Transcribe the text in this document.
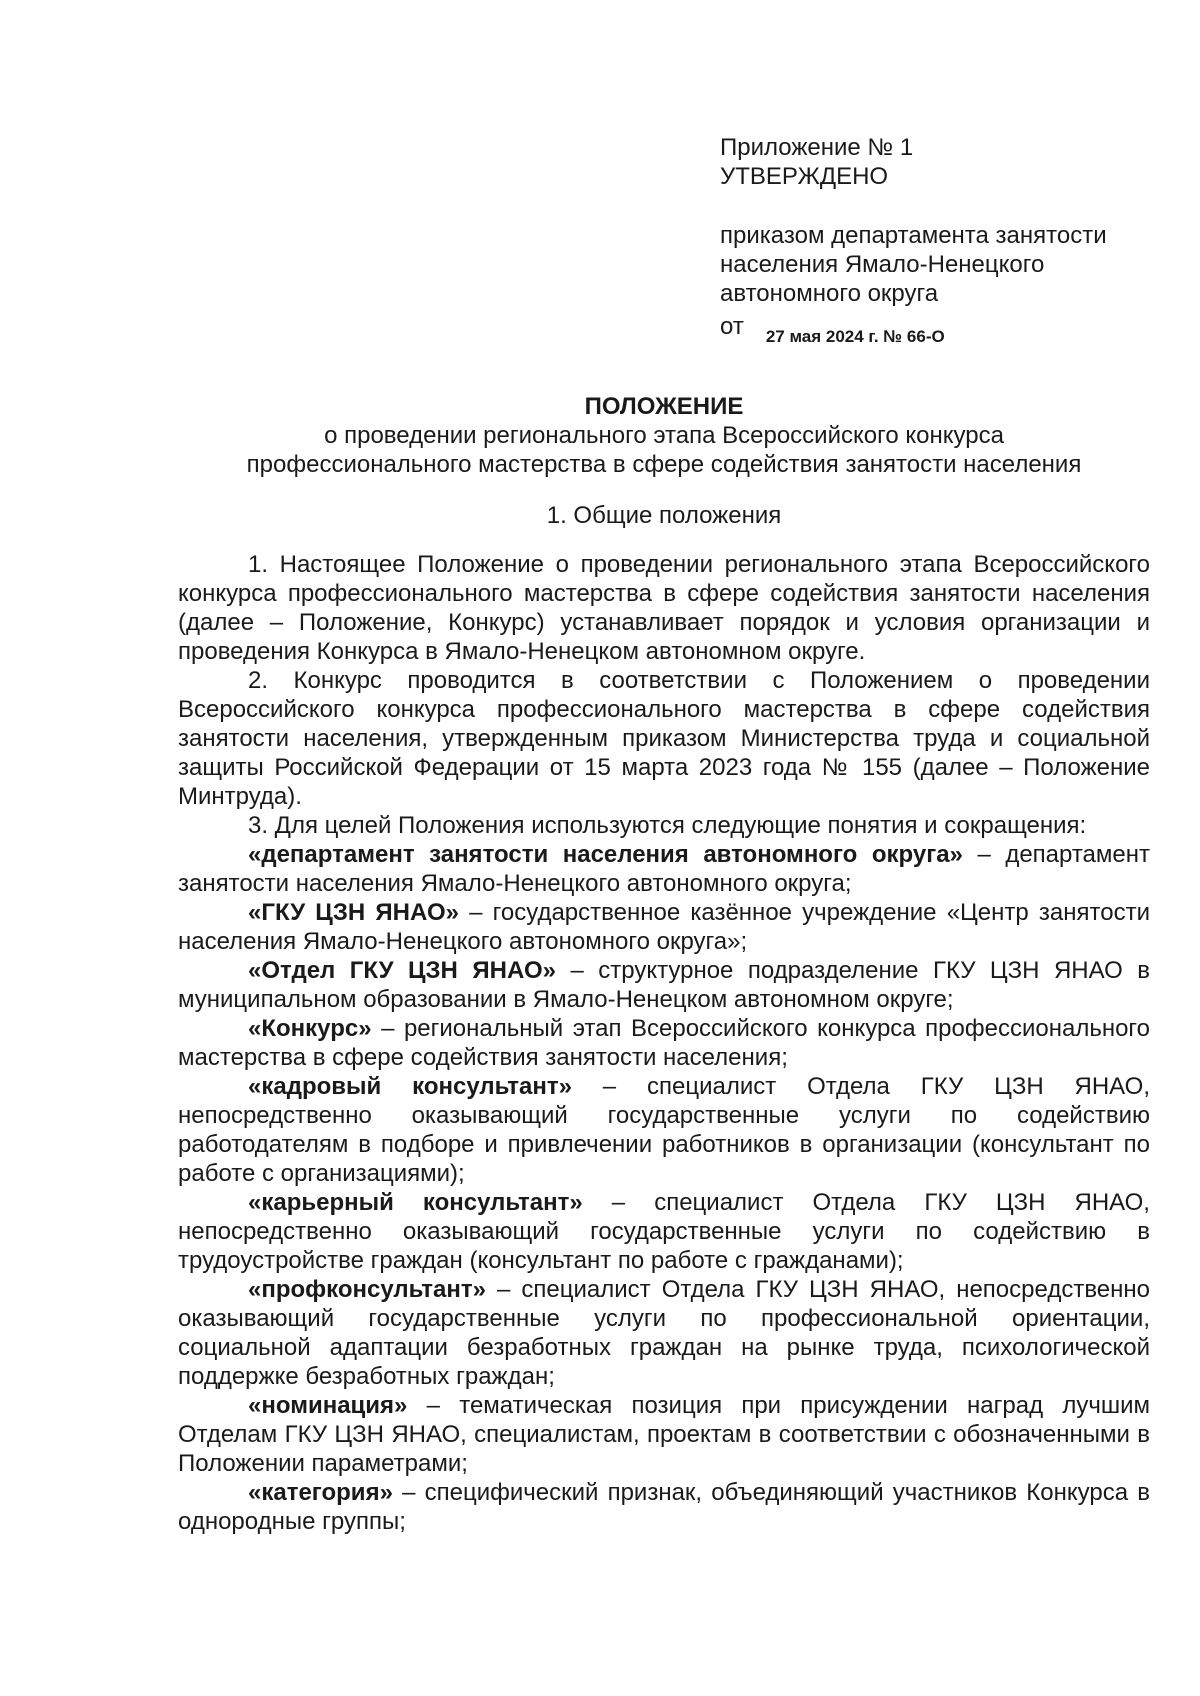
Приложение № 1
УТВЕРЖДЕНО
приказом департамента занятости
населения Ямало-Ненецкого
автономного округа
от 27 мая 2024 г. № 66-О

ПОЛОЖЕНИЕ

о проведении регионального этапа Всероссийского конкурса

профессионального мастерства в сфере содействия занятости населения

1. Общие положения

1. Настоящее Положение о проведении регионального этапа Всероссийского конкурса профессионального мастерства в сфере содействия занятости населения (далее – Положение, Конкурс) устанавливает порядок и условия организации и проведения Конкурса в Ямало-Ненецком автономном округе.

2. Конкурс проводится в соответствии с Положением о проведении Всероссийского конкурса профессионального мастерства в сфере содействия занятости населения, утвержденным приказом Министерства труда и социальной защиты Российской Федерации от 15 марта 2023 года № 155 (далее – Положение Минтруда).

3. Для целей Положения используются следующие понятия и сокращения:

«департамент занятости населения автономного округа» – департамент занятости населения Ямало-Ненецкого автономного округа;

«ГКУ ЦЗН ЯНАО» – государственное казённое учреждение «Центр занятости населения Ямало-Ненецкого автономного округа»;

«Отдел ГКУ ЦЗН ЯНАО» – структурное подразделение ГКУ ЦЗН ЯНАО в муниципальном образовании в Ямало-Ненецком автономном округе;

«Конкурс» – региональный этап Всероссийского конкурса профессионального мастерства в сфере содействия занятости населения;

«кадровый консультант» – специалист Отдела ГКУ ЦЗН ЯНАО, непосредственно оказывающий государственные услуги по содействию работодателям в подборе и привлечении работников в организации (консультант по работе с организациями);

«карьерный консультант» – специалист Отдела ГКУ ЦЗН ЯНАО, непосредственно оказывающий государственные услуги по содействию в трудоустройстве граждан (консультант по работе с гражданами);

«профконсультант» – специалист Отдела ГКУ ЦЗН ЯНАО, непосредственно оказывающий государственные услуги по профессиональной ориентации, социальной адаптации безработных граждан на рынке труда, психологической поддержке безработных граждан;

«номинация» – тематическая позиция при присуждении наград лучшим Отделам ГКУ ЦЗН ЯНАО, специалистам, проектам в соответствии с обозначенными в Положении параметрами;

«категория» – специфический признак, объединяющий участников Конкурса в однородные группы;
